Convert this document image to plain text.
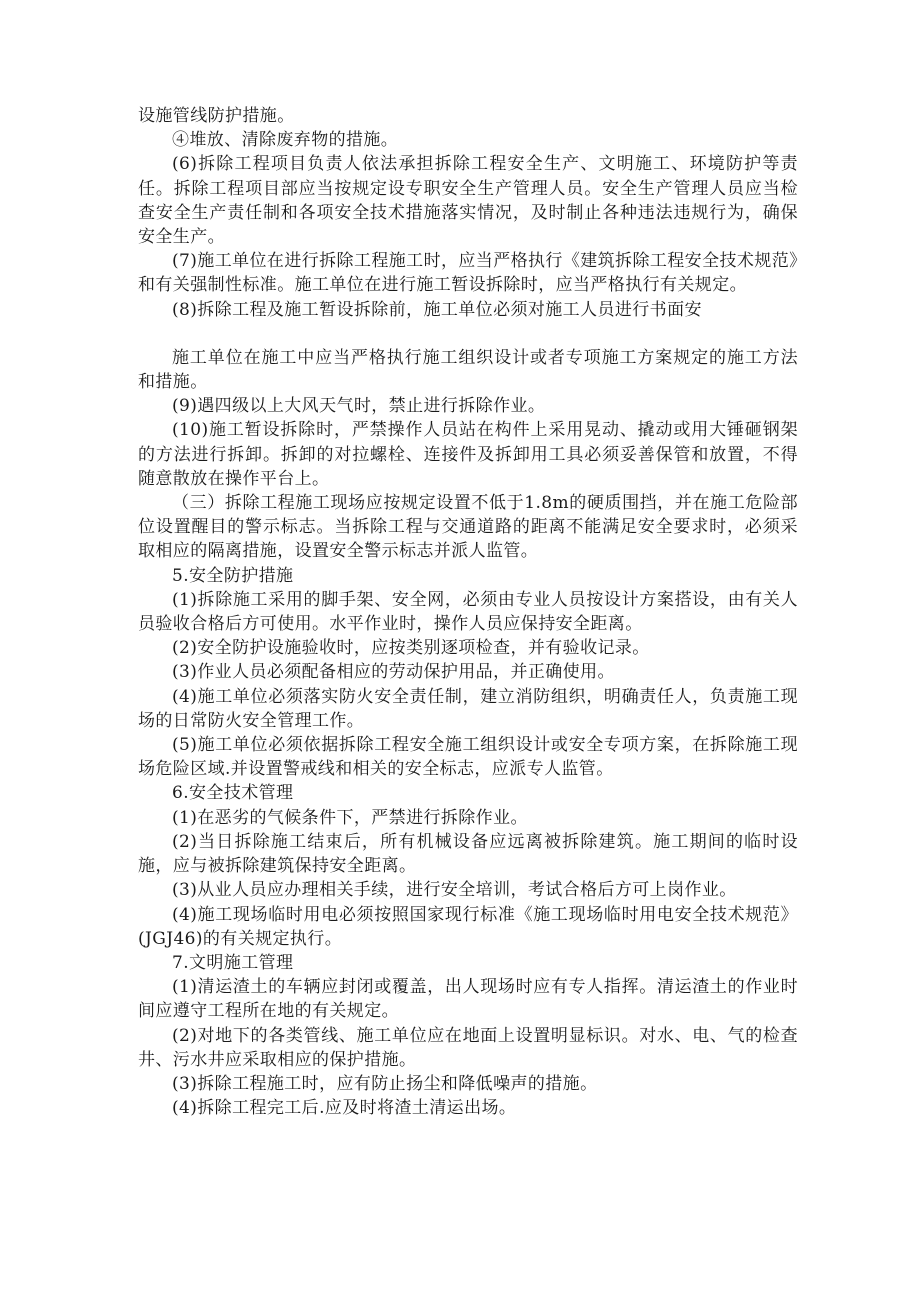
设施管线防护措施。

④堆放、清除废弃物的措施。

(6)拆除工程项目负责人依法承担拆除工程安全生产、文明施工、环境防护等责任。拆除工程项目部应当按规定设专职安全生产管理人员。安全生产管理人员应当检查安全生产责任制和各项安全技术措施落实情况，及时制止各种违法违规行为，确保安全生产。

(7)施工单位在进行拆除工程施工时，应当严格执行《建筑拆除工程安全技术规范》和有关强制性标准。施工单位在进行施工暂设拆除时，应当严格执行有关规定。

(8)拆除工程及施工暂设拆除前，施工单位必须对施工人员进行书面安

施工单位在施工中应当严格执行施工组织设计或者专项施工方案规定的施工方法和措施。

(9)遇四级以上大风天气时，禁止进行拆除作业。

(10)施工暂设拆除时，严禁操作人员站在构件上采用晃动、撬动或用大锤砸钢架的方法进行拆卸。拆卸的对拉螺栓、连接件及拆卸用工具必须妥善保管和放置，不得随意散放在操作平台上。

（三）拆除工程施工现场应按规定设置不低于1.8m的硬质围挡，并在施工危险部位设置醒目的警示标志。当拆除工程与交通道路的距离不能满足安全要求时，必须采取相应的隔离措施，设置安全警示标志并派人监管。

5.安全防护措施

(1)拆除施工采用的脚手架、安全网，必须由专业人员按设计方案搭设，由有关人员验收合格后方可使用。水平作业时，操作人员应保持安全距离。

(2)安全防护设施验收时，应按类别逐项检查，并有验收记录。

(3)作业人员必须配备相应的劳动保护用品，并正确使用。

(4)施工单位必须落实防火安全责任制，建立消防组织，明确责任人，负责施工现场的日常防火安全管理工作。

(5)施工单位必须依据拆除工程安全施工组织设计或安全专项方案，在拆除施工现场危险区域.并设置警戒线和相关的安全标志，应派专人监管。

6.安全技术管理

(1)在恶劣的气候条件下，严禁进行拆除作业。

(2)当日拆除施工结束后，所有机械设备应远离被拆除建筑。施工期间的临时设施，应与被拆除建筑保持安全距离。

(3)从业人员应办理相关手续，进行安全培训，考试合格后方可上岗作业。

(4)施工现场临时用电必须按照国家现行标准《施工现场临时用电安全技术规范》(JGJ46)的有关规定执行。

7.文明施工管理

(1)清运渣土的车辆应封闭或覆盖，出人现场时应有专人指挥。清运渣土的作业时间应遵守工程所在地的有关规定。

(2)对地下的各类管线、施工单位应在地面上设置明显标识。对水、电、气的检查井、污水井应采取相应的保护措施。

(3)拆除工程施工时，应有防止扬尘和降低噪声的措施。

(4)拆除工程完工后.应及时将渣土清运出场。
